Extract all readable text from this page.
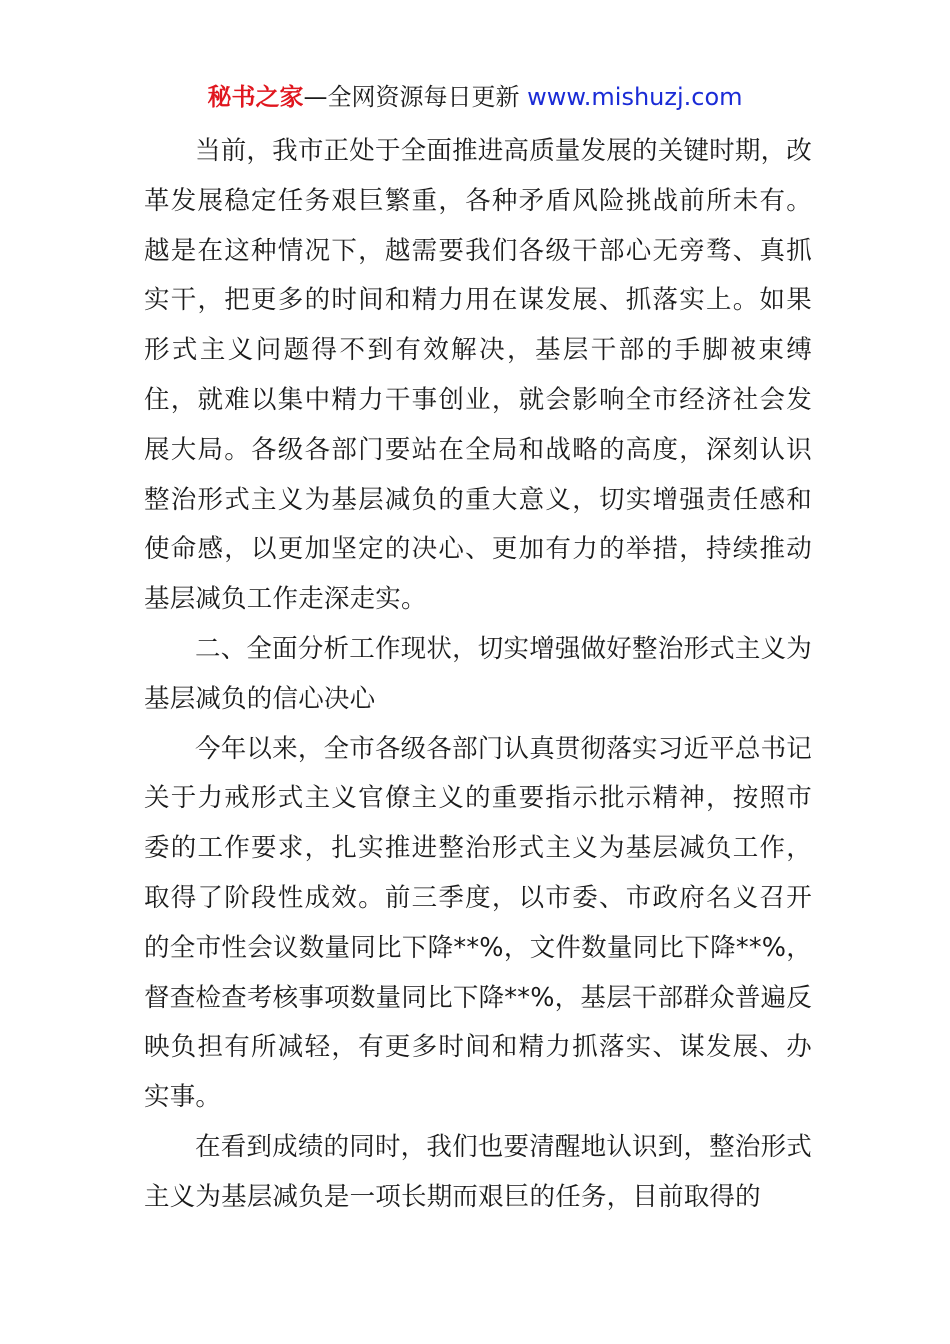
秘书之家—全网资源每日更新 www.mishuzj.com

当前，我市正处于全面推进高质量发展的关键时期，改革发展稳定任务艰巨繁重，各种矛盾风险挑战前所未有。越是在这种情况下，越需要我们各级干部心无旁骛、真抓实干，把更多的时间和精力用在谋发展、抓落实上。如果形式主义问题得不到有效解决，基层干部的手脚被束缚住，就难以集中精力干事创业，就会影响全市经济社会发展大局。各级各部门要站在全局和战略的高度，深刻认识整治形式主义为基层减负的重大意义，切实增强责任感和使命感，以更加坚定的决心、更加有力的举措，持续推动基层减负工作走深走实。

二、全面分析工作现状，切实增强做好整治形式主义为基层减负的信心决心

今年以来，全市各级各部门认真贯彻落实习近平总书记关于力戒形式主义官僚主义的重要指示批示精神，按照市委的工作要求，扎实推进整治形式主义为基层减负工作，取得了阶段性成效。前三季度，以市委、市政府名义召开的全市性会议数量同比下降**%，文件数量同比下降**%，督查检查考核事项数量同比下降**%，基层干部群众普遍反映负担有所减轻，有更多时间和精力抓落实、谋发展、办实事。

在看到成绩的同时，我们也要清醒地认识到，整治形式主义为基层减负是一项长期而艰巨的任务，目前取得的
